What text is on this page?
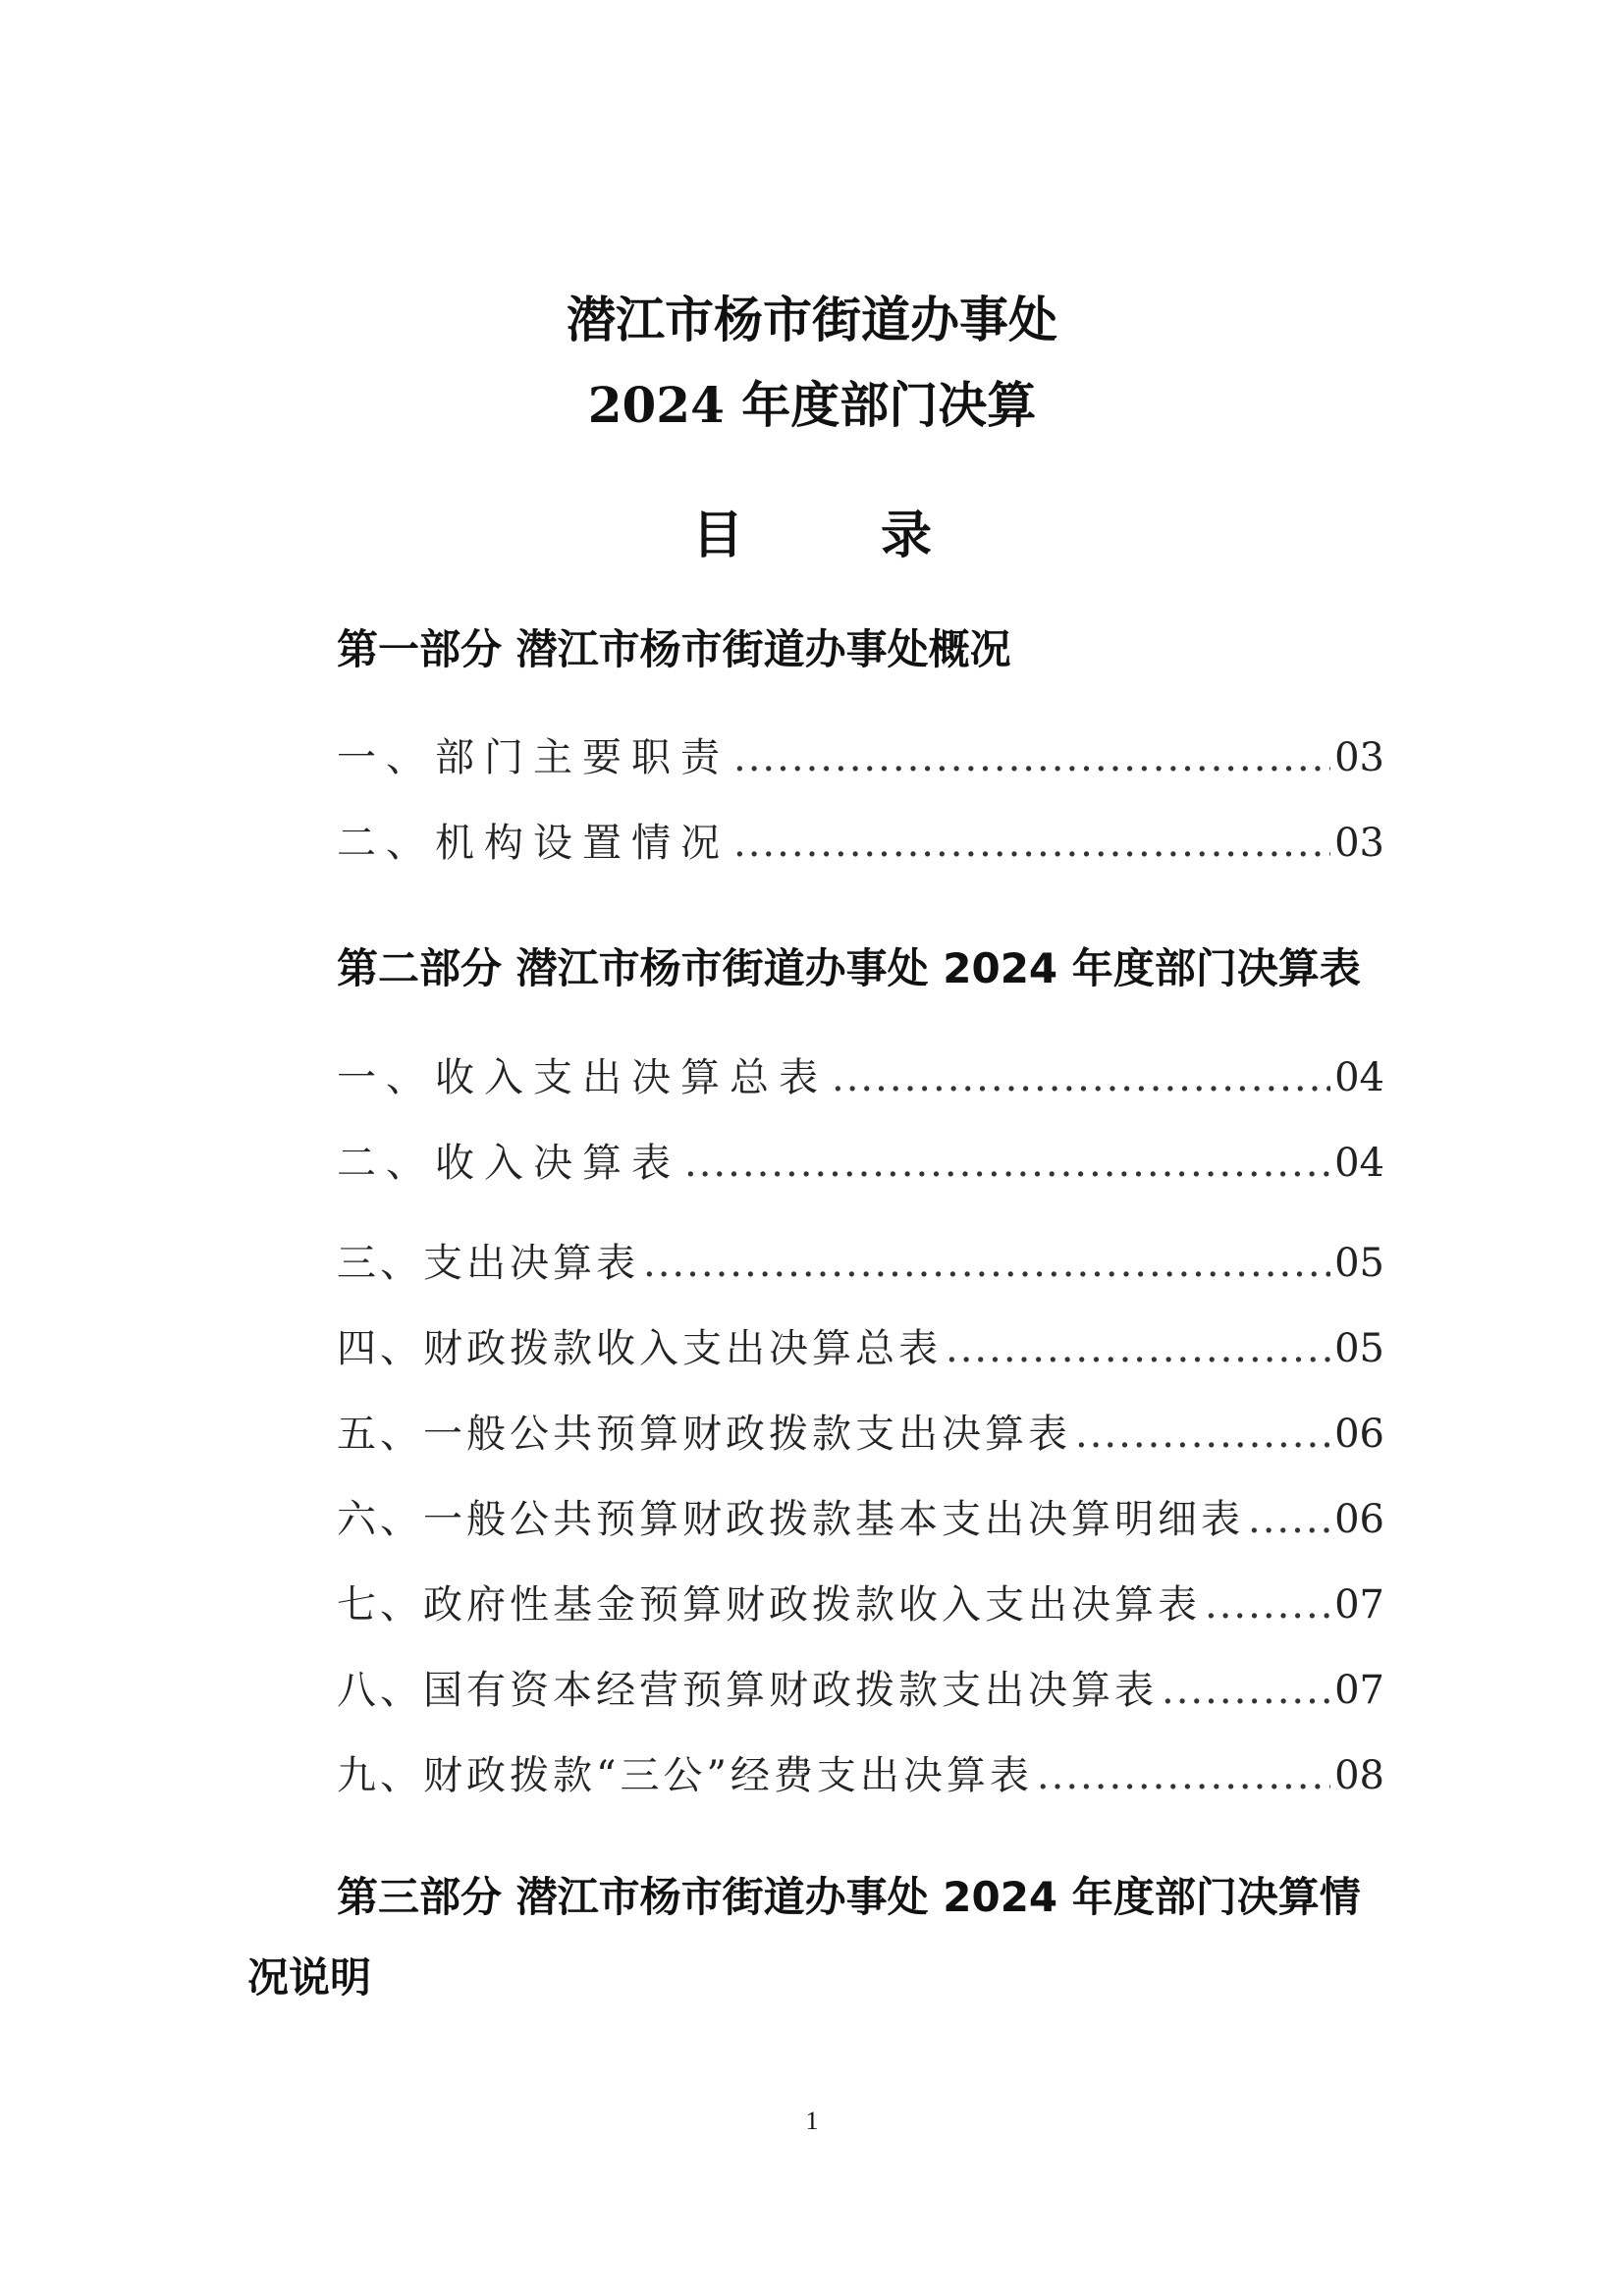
潜江市杨市街道办事处
2024 年度部门决算
目	录
第一部分 潜江市杨市街道办事处概况
一、部门主要职责 .....	03
二、机构设置情况 .....	03
第二部分 潜江市杨市街道办事处 2024 年度部门决算表
一、收入支出决算总表 .....	04
二、收入决算表 .....	04
三、支出决算表 .....	05
四、财政拨款收入支出决算总表 .....	05
五、一般公共预算财政拨款支出决算表 .....	06
六、一般公共预算财政拨款基本支出决算明细表 ..... 06
七、政府性基金预算财政拨款收入支出决算表 .....	07
八、国有资本经营预算财政拨款支出决算表 .....	07
九、财政拨款“三公”经费支出决算表 .....	08
第三部分 潜江市杨市街道办事处 2024 年度部门决算情况说明
1
